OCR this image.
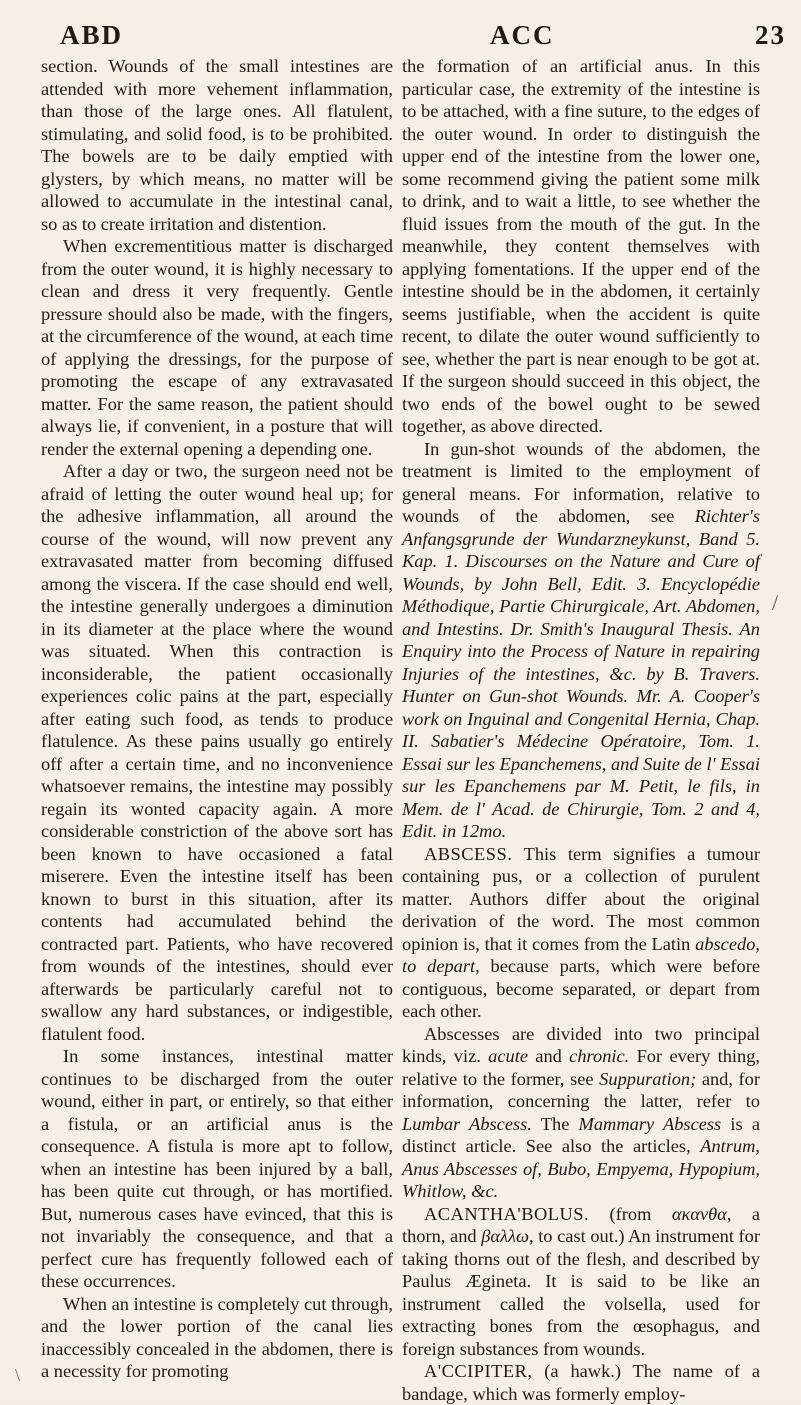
ABD	ACC	23

section. Wounds of the small intestines are attended with more vehement inflammation, than those of the large ones. All flatulent, stimulating, and solid food, is to be prohibited. The bowels are to be daily emptied with glysters, by which means, no matter will be allowed to accumulate in the intestinal canal, so as to create irritation and distention.

When excrementitious matter is discharged from the outer wound, it is highly necessary to clean and dress it very frequently. Gentle pressure should also be made, with the fingers, at the circumference of the wound, at each time of applying the dressings, for the purpose of promoting the escape of any extravasated matter. For the same reason, the patient should always lie, if convenient, in a posture that will render the external opening a depending one.

After a day or two, the surgeon need not be afraid of letting the outer wound heal up; for the adhesive inflammation, all around the course of the wound, will now prevent any extravasated matter from becoming diffused among the viscera. If the case should end well, the intestine generally undergoes a diminution in its diameter at the place where the wound was situated. When this contraction is inconsiderable, the patient occasionally experiences colic pains at the part, especially after eating such food, as tends to produce flatulence. As these pains usually go entirely off after a certain time, and no inconvenience whatsoever remains, the intestine may possibly regain its wonted capacity again. A more considerable constriction of the above sort has been known to have occasioned a fatal miserere. Even the intestine itself has been known to burst in this situation, after its contents had accumulated behind the contracted part. Patients, who have recovered from wounds of the intestines, should ever afterwards be particularly careful not to swallow any hard substances, or indigestible, flatulent food.

In some instances, intestinal matter continues to be discharged from the outer wound, either in part, or entirely, so that either a fistula, or an artificial anus is the consequence. A fistula is more apt to follow, when an intestine has been injured by a ball, has been quite cut through, or has mortified. But, numerous cases have evinced, that this is not invariably the consequence, and that a perfect cure has frequently followed each of these occurrences.

When an intestine is completely cut through, and the lower portion of the canal lies inaccessibly concealed in the abdomen, there is a necessity for promoting

the formation of an artificial anus. In this particular case, the extremity of the intestine is to be attached, with a fine suture, to the edges of the outer wound. In order to distinguish the upper end of the intestine from the lower one, some recommend giving the patient some milk to drink, and to wait a little, to see whether the fluid issues from the mouth of the gut. In the meanwhile, they content themselves with applying fomentations. If the upper end of the intestine should be in the abdomen, it certainly seems justifiable, when the accident is quite recent, to dilate the outer wound sufficiently to see, whether the part is near enough to be got at. If the surgeon should succeed in this object, the two ends of the bowel ought to be sewed together, as above directed.

In gun-shot wounds of the abdomen, the treatment is limited to the employment of general means. For information, relative to wounds of the abdomen, see Richter's Anfangsgrunde der Wundarzneykunst, Band 5. Kap. 1. Discourses on the Nature and Cure of Wounds, by John Bell, Edit. 3. Encyclopédie Méthodique, Partie Chirurgicale, Art. Abdomen, and Intestins. Dr. Smith's Inaugural Thesis. An Enquiry into the Process of Nature in repairing Injuries of the intestines, &c. by B. Travers. Hunter on Gun-shot Wounds. Mr. A. Cooper's work on Inguinal and Congenital Hernia, Chap. II. Sabatier's Médecine Opératoire, Tom. 1. Essai sur les Epanchemens, and Suite de l' Essai sur les Epanchemens par M. Petit, le fils, in Mem. de l' Acad. de Chirurgie, Tom. 2 and 4, Edit. in 12mo.

ABSCESS. This term signifies a tumour containing pus, or a collection of purulent matter. Authors differ about the original derivation of the word. The most common opinion is, that it comes from the Latin abscedo, to depart, because parts, which were before contiguous, become separated, or depart from each other.

Abscesses are divided into two principal kinds, viz. acute and chronic. For every thing, relative to the former, see Suppuration; and, for information, concerning the latter, refer to Lumbar Abscess. The Mammary Abscess is a distinct article. See also the articles, Antrum, Anus Abscesses of, Bubo, Empyema, Hypopium, Whitlow, &c.

ACANTHA'BOLUS. (from ακανθα, a thorn, and βαλλω, to cast out.) An instrument for taking thorns out of the flesh, and described by Paulus Ægineta. It is said to be like an instrument called the volsella, used for extracting bones from the œsophagus, and foreign substances from wounds.

A'CCIPITER, (a hawk.) The name of a bandage, which was formerly employ-

/
\
